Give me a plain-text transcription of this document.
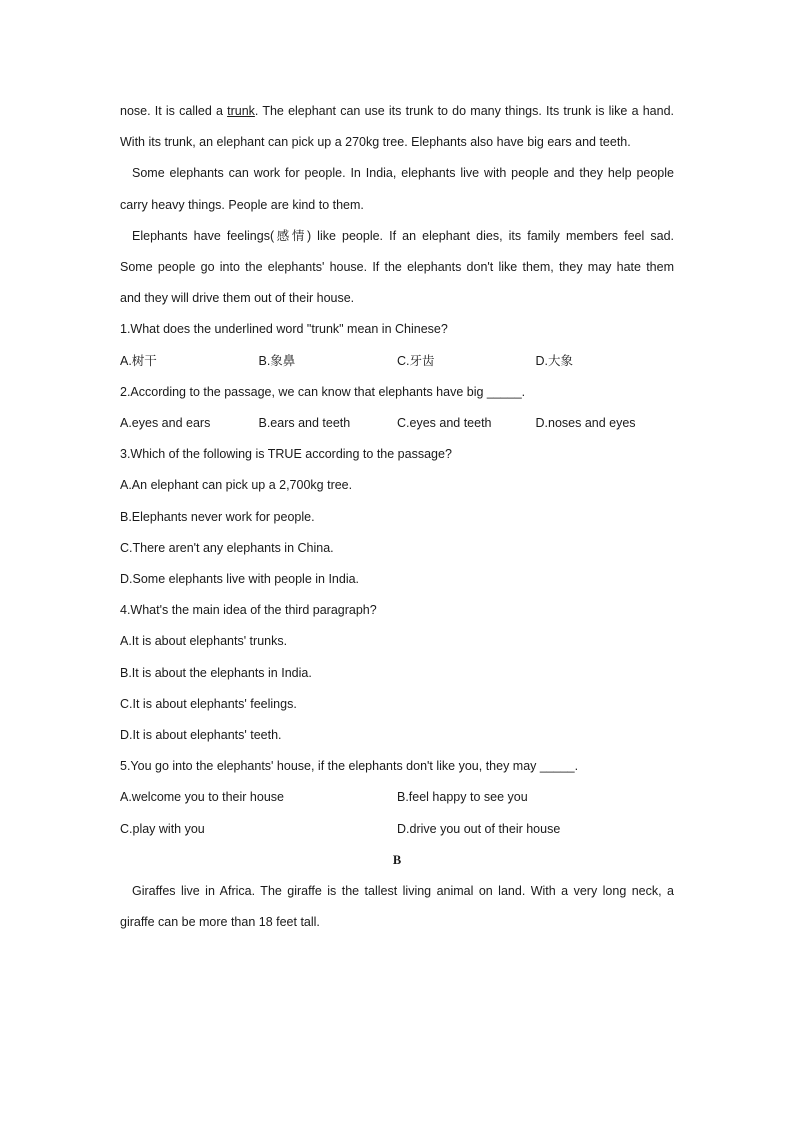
nose. It is called a trunk. The elephant can use its trunk to do many things. Its trunk is like a hand.
With its trunk, an elephant can pick up a 270kg tree. Elephants also have big ears and teeth.
Some elephants can work for people. In India, elephants live with people and they help people
carry heavy things. People are kind to them.
Elephants have feelings(感情) like people. If an elephant dies, its family members feel sad.
Some people go into the elephants' house. If the elephants don't like them, they may hate them
and they will drive them out of their house.
1.What does the underlined word "trunk" mean in Chinese?
A.树干	B.象鼻	C.牙齿	D.大象
2.According to the passage, we can know that elephants have big _____.
A.eyes and ears	B.ears and teeth	C.eyes and teeth	D.noses and eyes
3.Which of the following is TRUE according to the passage?
A.An elephant can pick up a 2,700kg tree.
B.Elephants never work for people.
C.There aren't any elephants in China.
D.Some elephants live with people in India.
4.What's the main idea of the third paragraph?
A.It is about elephants' trunks.
B.It is about the elephants in India.
C.It is about elephants' feelings.
D.It is about elephants' teeth.
5.You go into the elephants' house, if the elephants don't like you, they may _____.
A.welcome you to their house	B.feel happy to see you
C.play with you	D.drive you out of their house
B
Giraffes live in Africa. The giraffe is the tallest living animal on land. With a very long neck, a
giraffe can be more than 18 feet tall.
